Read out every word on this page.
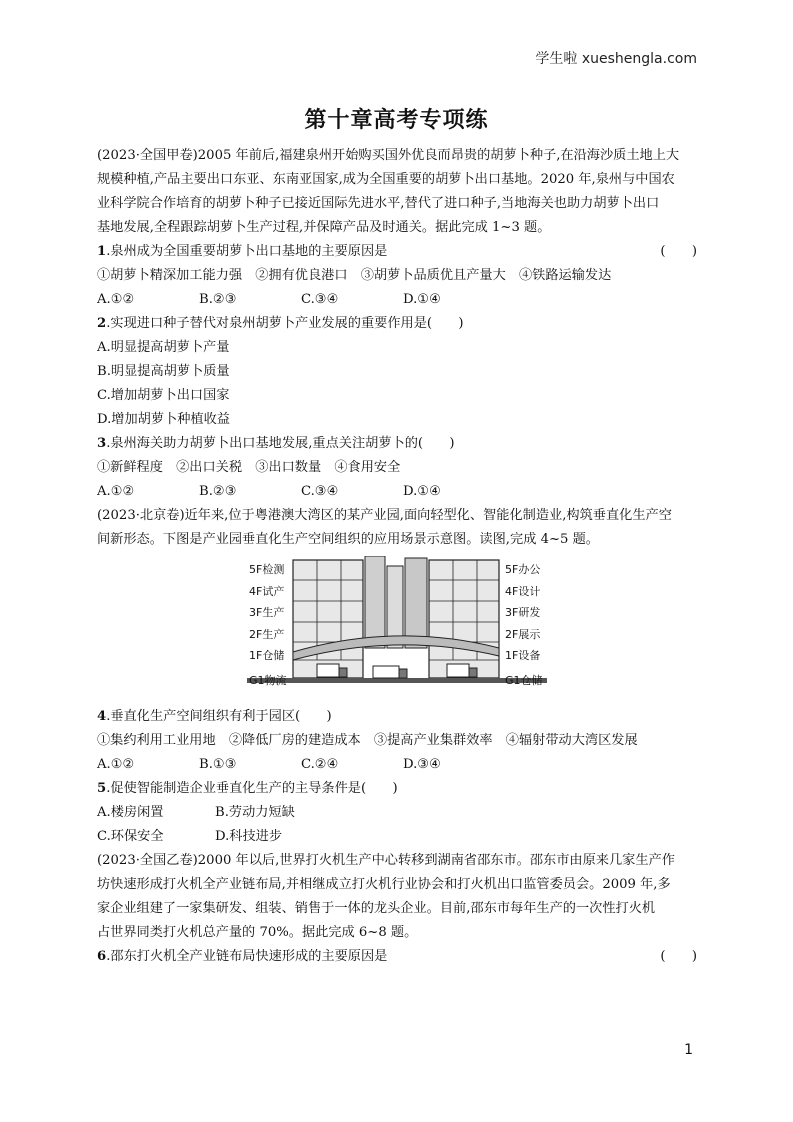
学生啦 xueshengla.com
第十章高考专项练

(2023·全国甲卷)2005 年前后,福建泉州开始购买国外优良而昂贵的胡萝卜种子,在沿海沙质土地上大

规模种植,产品主要出口东亚、东南亚国家,成为全国重要的胡萝卜出口基地。2020 年,泉州与中国农

业科学院合作培育的胡萝卜种子已接近国际先进水平,替代了进口种子,当地海关也助力胡萝卜出口

基地发展,全程跟踪胡萝卜生产过程,并保障产品及时通关。据此完成 1~3 题。

1.泉州成为全国重要胡萝卜出口基地的主要原因是	(　　)

①胡萝卜精深加工能力强　②拥有优良港口　③胡萝卜品质优且产量大　④铁路运输发达

A.①②	B.②③	C.③④	D.①④
2.实现进口种子替代对泉州胡萝卜产业发展的重要作用是(　　)

A.明显提高胡萝卜产量

B.明显提高胡萝卜质量

C.增加胡萝卜出口国家

D.增加胡萝卜种植收益

3.泉州海关助力胡萝卜出口基地发展,重点关注胡萝卜的(　　)

①新鲜程度　②出口关税　③出口数量　④食用安全

A.①②	B.②③	C.③④	D.①④

(2023·北京卷)近年来,位于粤港澳大湾区的某产业园,面向轻型化、智能化制造业,构筑垂直化生产空

间新形态。下图是产业园垂直化生产空间组织的应用场景示意图。读图,完成 4~5 题。

5F检测
4F试产
3F生产
2F生产
1F仓储
G1物流
5F办公
4F设计
3F研发
2F展示
1F设备
G1仓储
4.垂直化生产空间组织有利于园区(　　)

①集约利用工业用地　②降低厂房的建造成本　③提高产业集群效率　④辐射带动大湾区发展

A.①②	B.①③	C.②④	D.③④
5.促使智能制造企业垂直化生产的主导条件是(　　)
A.楼房闲置	B.劳动力短缺
C.环保安全	D.科技进步

(2023·全国乙卷)2000 年以后,世界打火机生产中心转移到湖南省邵东市。邵东市由原来几家生产作

坊快速形成打火机全产业链布局,并相继成立打火机行业协会和打火机出口监管委员会。2009 年,多

家企业组建了一家集研发、组装、销售于一体的龙头企业。目前,邵东市每年生产的一次性打火机

占世界同类打火机总产量的 70%。据此完成 6~8 题。

6.邵东打火机全产业链布局快速形成的主要原因是	(　　)
1
